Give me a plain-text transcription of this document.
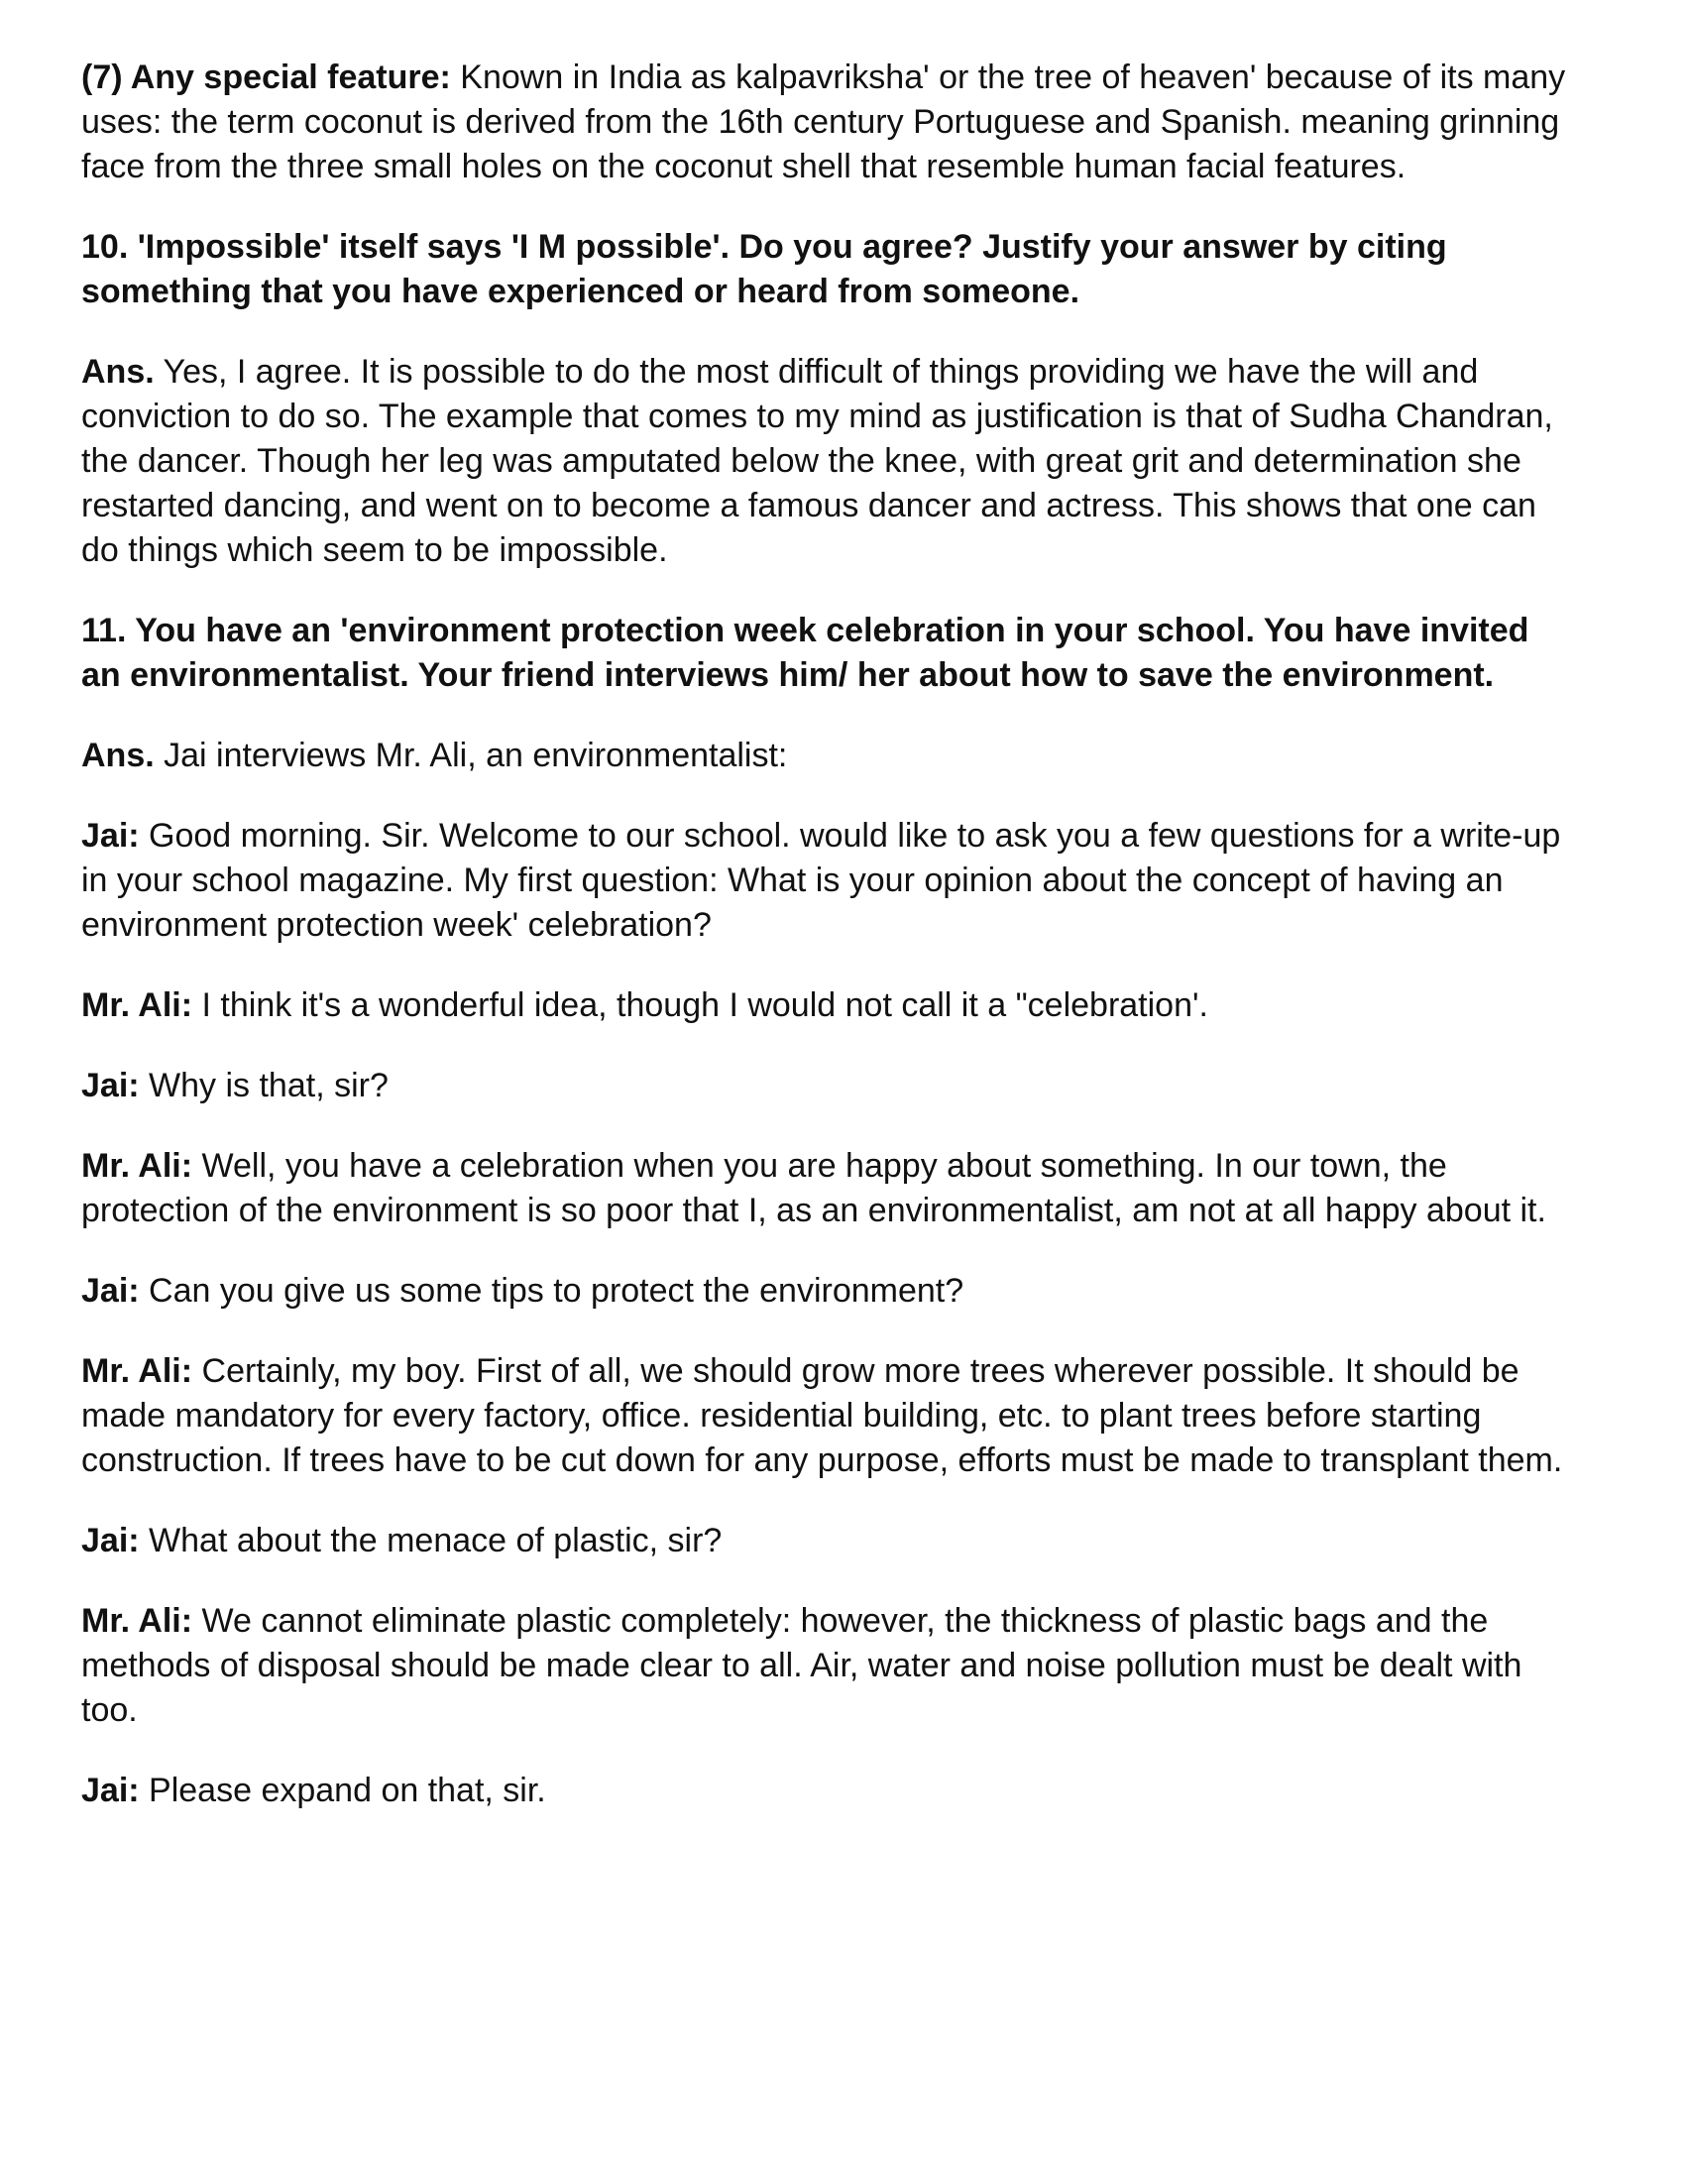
(7) Any special feature: Known in India as kalpavriksha' or the tree of heaven' because of its many uses: the term coconut is derived from the 16th century Portuguese and Spanish. meaning grinning face from the three small holes on the coconut shell that resemble human facial features.

10. 'Impossible' itself says 'I M possible'. Do you agree? Justify your answer by citing something that you have experienced or heard from someone.

Ans. Yes, I agree. It is possible to do the most difficult of things providing we have the will and conviction to do so. The example that comes to my mind as justification is that of Sudha Chandran, the dancer. Though her leg was amputated below the knee, with great grit and determination she restarted dancing, and went on to become a famous dancer and actress. This shows that one can do things which seem to be impossible.

11. You have an 'environment protection week celebration in your school. You have invited an environmentalist. Your friend interviews him/ her about how to save the environment.

Ans. Jai interviews Mr. Ali, an environmentalist:

Jai: Good morning. Sir. Welcome to our school. would like to ask you a few questions for a write-up in your school magazine. My first question: What is your opinion about the concept of having an environment protection week' celebration?

Mr. Ali: I think it's a wonderful idea, though I would not call it a "celebration'.

Jai: Why is that, sir?

Mr. Ali: Well, you have a celebration when you are happy about something. In our town, the protection of the environment is so poor that I, as an environmentalist, am not at all happy about it.

Jai: Can you give us some tips to protect the environment?

Mr. Ali: Certainly, my boy. First of all, we should grow more trees wherever possible. It should be made mandatory for every factory, office. residential building, etc. to plant trees before starting construction. If trees have to be cut down for any purpose, efforts must be made to transplant them.

Jai: What about the menace of plastic, sir?

Mr. Ali: We cannot eliminate plastic completely: however, the thickness of plastic bags and the methods of disposal should be made clear to all. Air, water and noise pollution must be dealt with too.

Jai: Please expand on that, sir.
